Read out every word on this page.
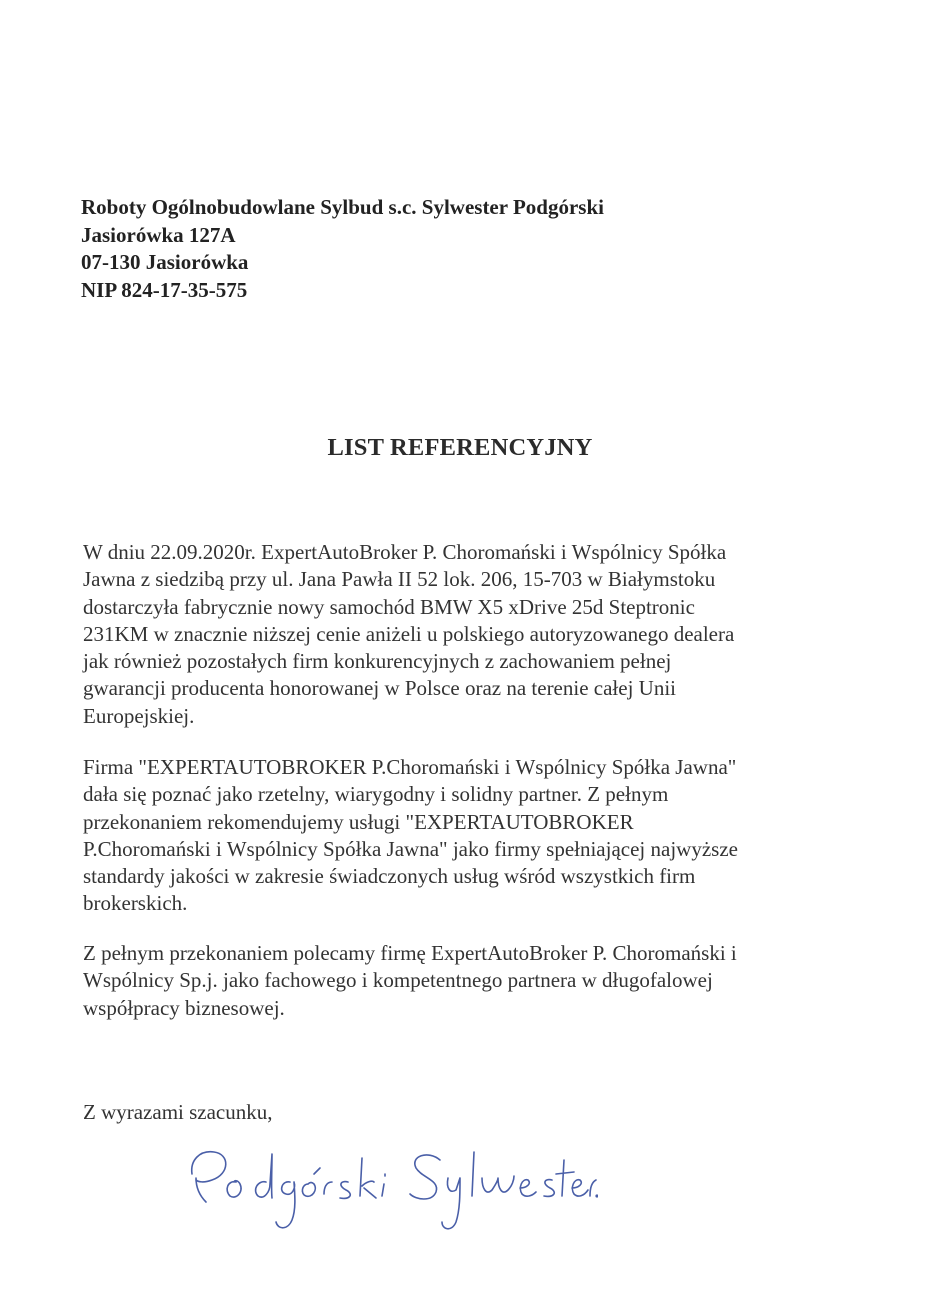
Roboty Ogólnobudowlane Sylbud s.c. Sylwester Podgórski
Jasiorówka 127A
07-130 Jasiorówka
NIP 824-17-35-575
LIST REFERENCYJNY
W dniu 22.09.2020r. ExpertAutoBroker P. Choromański i Wspólnicy Spółka
Jawna z siedzibą przy ul. Jana Pawła II 52 lok. 206, 15-703 w Białymstoku
dostarczyła fabrycznie nowy samochód BMW X5 xDrive 25d Steptronic
231KM w znacznie niższej cenie aniżeli u polskiego autoryzowanego dealera
jak również pozostałych firm konkurencyjnych z zachowaniem pełnej
gwarancji producenta honorowanej w Polsce oraz na terenie całej Unii
Europejskiej.
Firma "EXPERTAUTOBROKER P.Choromański i Wspólnicy Spółka Jawna"
dała się poznać jako rzetelny, wiarygodny i solidny partner. Z pełnym
przekonaniem rekomendujemy usługi "EXPERTAUTOBROKER
P.Choromański i Wspólnicy Spółka Jawna" jako firmy spełniającej najwyższe
standardy jakości w zakresie świadczonych usług wśród wszystkich firm
brokerskich.
Z pełnym przekonaniem polecamy firmę ExpertAutoBroker P. Choromański i
Wspólnicy Sp.j. jako fachowego i kompetentnego partnera w długofalowej
współpracy biznesowej.
Z wyrazami szacunku,
